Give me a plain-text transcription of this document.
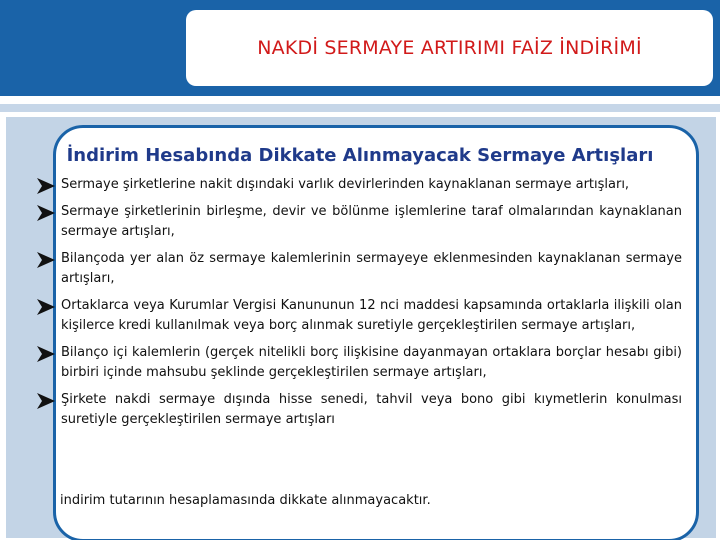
NAKDİ SERMAYE ARTIRIMI FAİZ İNDİRİMİ
İndirim Hesabında Dikkate Alınmayacak Sermaye Artışları
Sermaye şirketlerine nakit dışındaki varlık devirlerinden kaynaklanan sermaye artışları,
Sermaye şirketlerinin birleşme, devir ve bölünme işlemlerine taraf olmalarından kaynaklanan sermaye artışları,
Bilançoda yer alan öz sermaye kalemlerinin sermayeye eklenmesinden kaynaklanan sermaye artışları,
Ortaklarca veya Kurumlar Vergisi Kanununun 12 nci maddesi kapsamında ortaklarla ilişkili olan kişilerce kredi kullanılmak veya borç alınmak suretiyle gerçekleştirilen sermaye artışları,
Bilanço içi kalemlerin (gerçek nitelikli borç ilişkisine dayanmayan ortaklara borçlar hesabı gibi) birbiri içinde mahsubu şeklinde gerçekleştirilen sermaye artışları,
Şirkete nakdi sermaye dışında hisse senedi, tahvil veya bono gibi kıymetlerin konulması suretiyle gerçekleştirilen sermaye artışları
indirim tutarının hesaplamasında dikkate alınmayacaktır.
